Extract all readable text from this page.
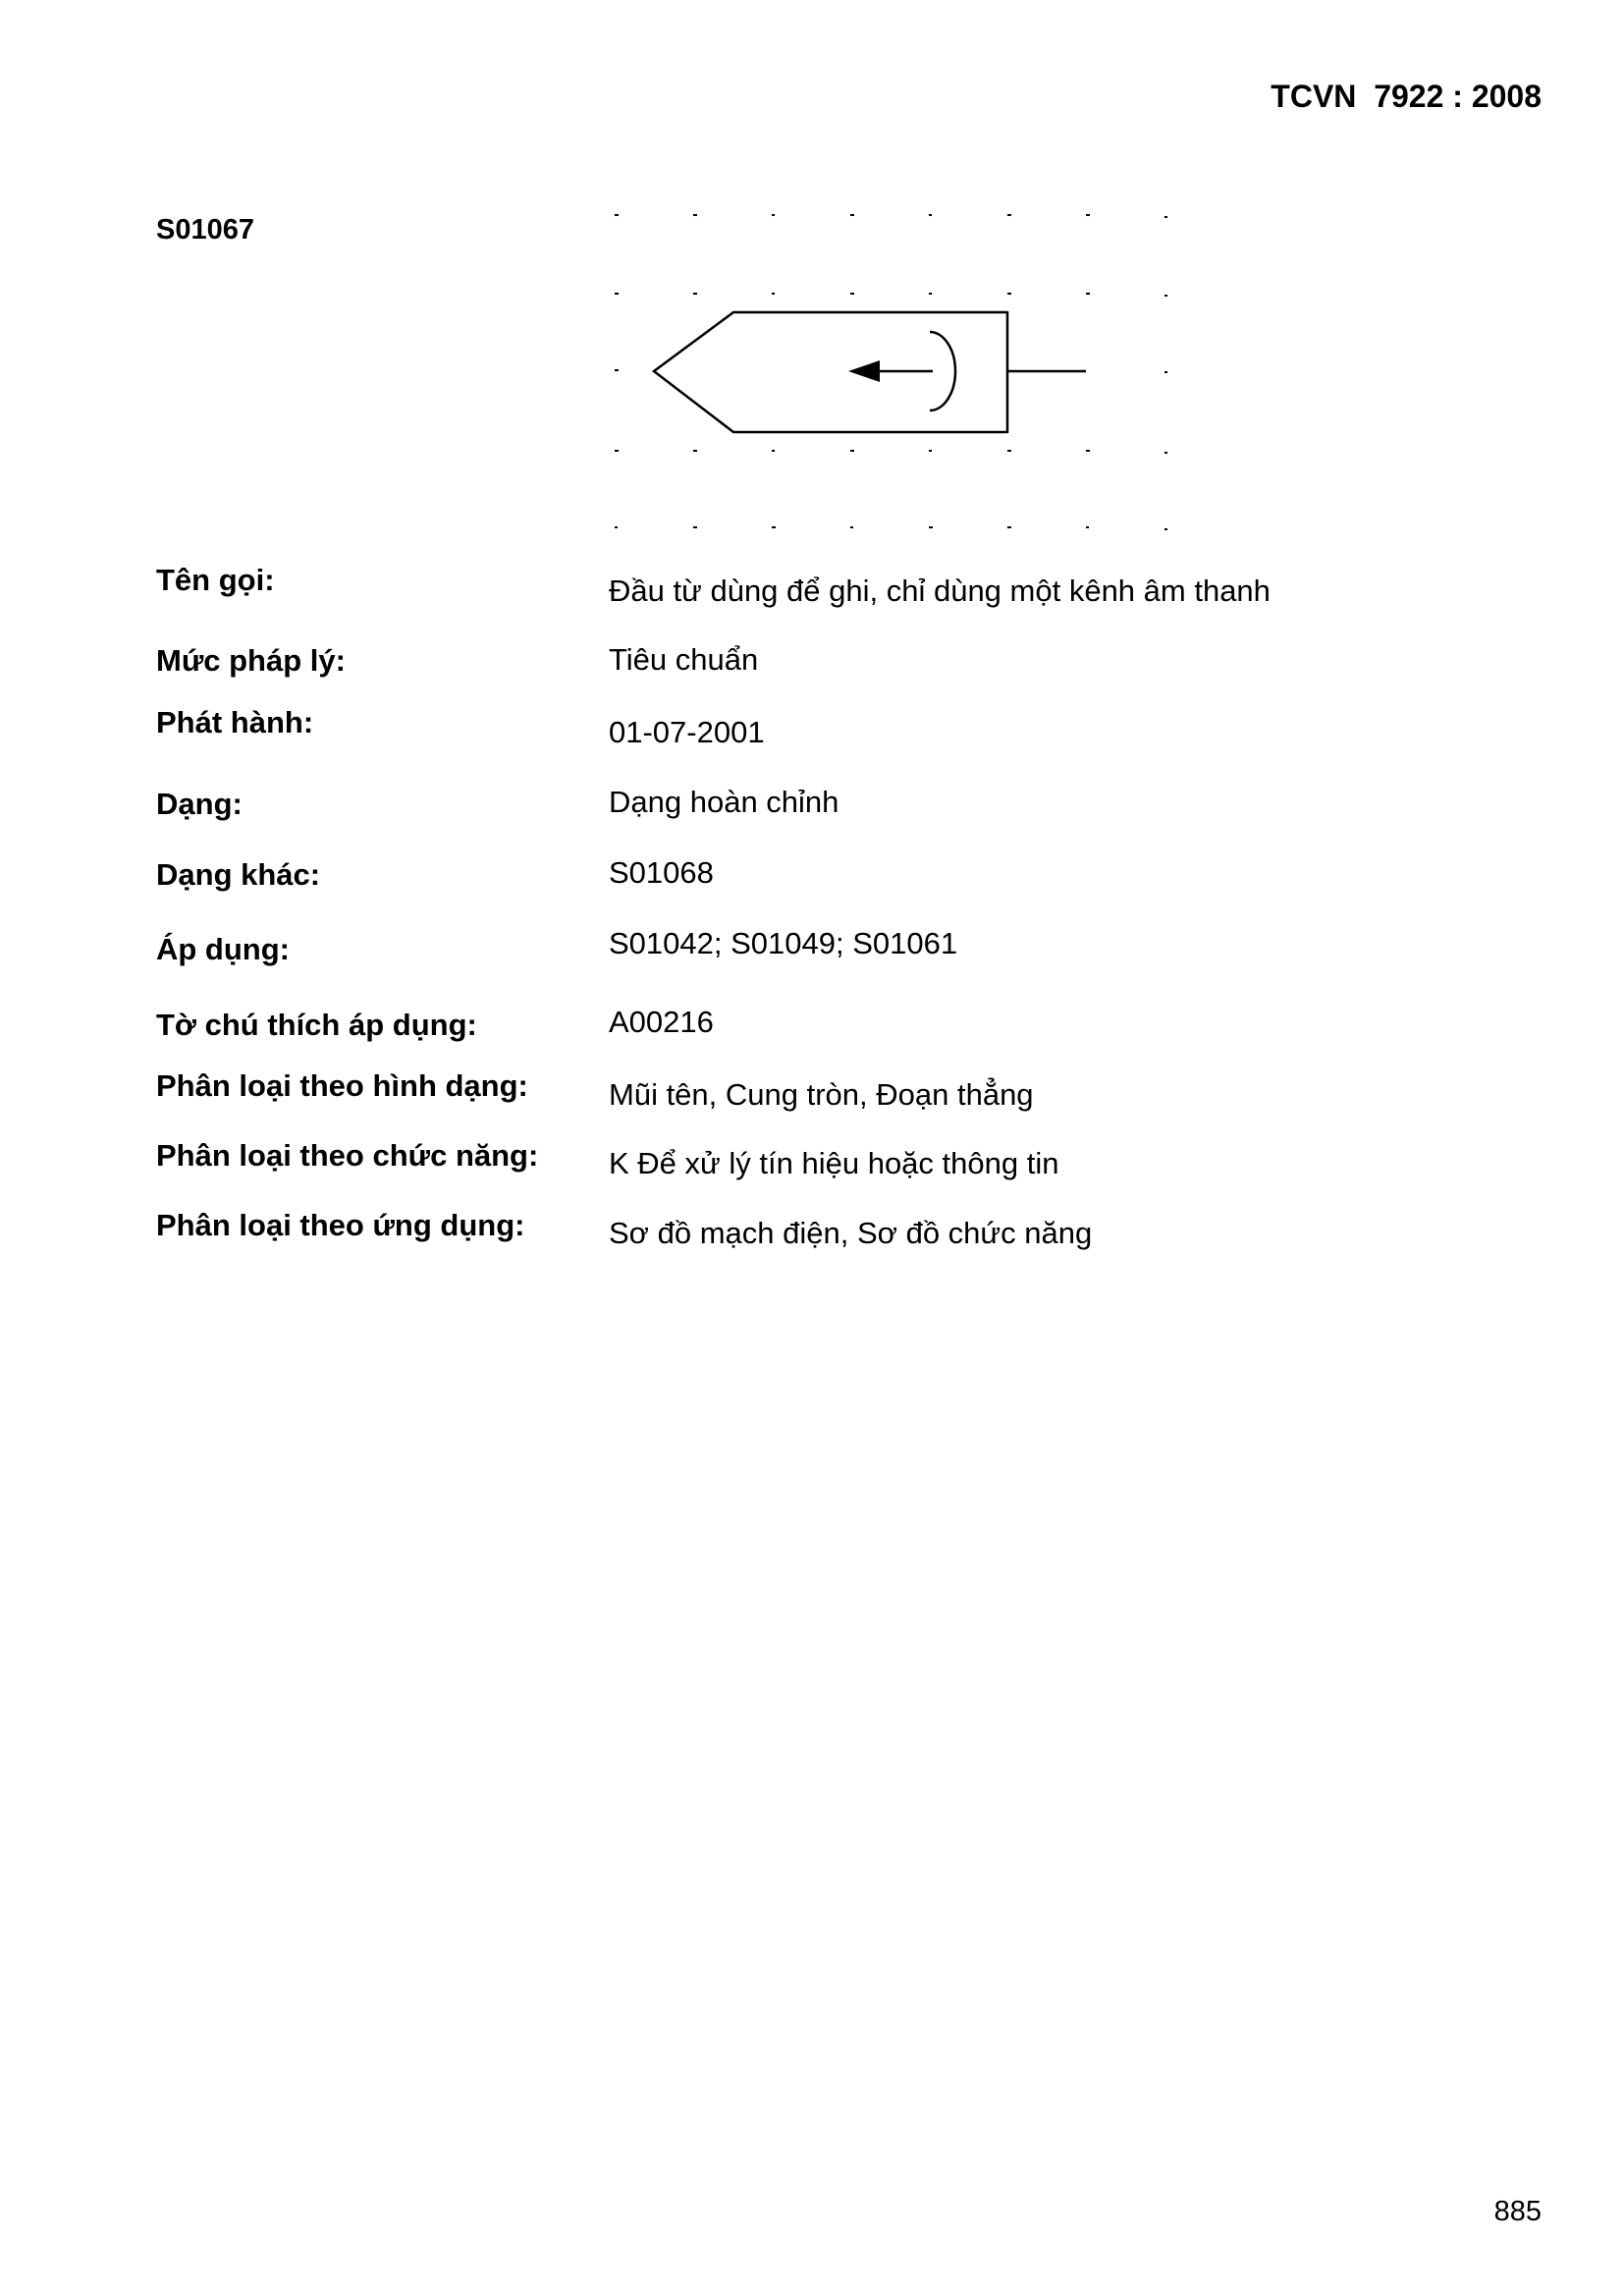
TCVN  7922 : 2008
S01067
Tên gọi:	Đầu từ dùng để ghi, chỉ dùng một kênh âm thanh
Mức pháp lý:	Tiêu chuẩn
Phát hành:	01-07-2001
Dạng:	Dạng hoàn chỉnh
Dạng khác:	S01068
Áp dụng:	S01042; S01049; S01061
Tờ chú thích áp dụng:	A00216
Phân loại theo hình dạng:	Mũi tên, Cung tròn, Đoạn thẳng
Phân loại theo chức năng: K Để xử lý tín hiệu hoặc thông tin
Phân loại theo ứng dụng:	Sơ đồ mạch điện, Sơ đồ chức năng
885
